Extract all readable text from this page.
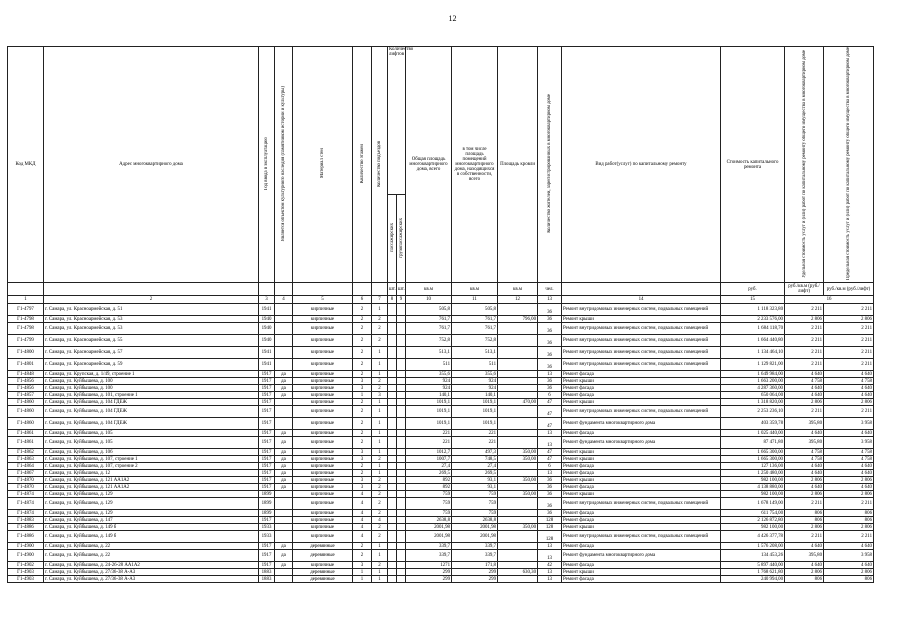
12
Код МКД	Адрес многоквартирного дома	Год ввода в эксплуатацию	Является объектом культурного наследия (памятником истории и культуры)	Материал стен	Количество этажей	Количество подъездов	Количество лифтов		Общая площадь многоквартирного дома, всего	в том числе площадь помещений многоквартирного дома, находящихся в собственности, всего	Площадь кровли	Количество жителей, зарегистрированных в многоквартирном доме	Вид работ(услуг) по капитальному ремонту	Стоимость капитального ремонта	Удельная стоимость услуг и (или) работ по капитальному ремонту общего имущества в многоквартирном доме	Предельная стоимость услуг и (или) работ по капитальному ремонту общего имущества в многоквартирном доме
							пассажирских	грузопассажирских								
							шт.	шт.	кв.м	кв.м	кв.м	чел.		руб.	руб./кв.м (руб./лифт)	руб./кв.м (руб./лифт)
1	2	3	4	5	6	7	8	9	10	11	12	13	14	15	16	
Г1-4797	г. Самара, ул. Красноармейская, д. 51	1941		кирпичные	2	1			505,8	505,8		36	Ремонт внутридомовых инженерных систем, подвальных помещений	1 118 323,80	2 211	2 211
Г1-4798	г. Самара, ул. Красноармейская, д. 53	1940		кирпичные	2	2			761,7	761,7	796,00	36	Ремонт крыши	2 233 576,00	2 806	2 806
Г1-4798	г. Самара, ул. Красноармейская, д. 53	1940		кирпичные	2	2			761,7	761,7		36	Ремонт внутридомовых инженерных систем, подвальных помещений	1 684 118,70	2 211	2 211
Г1-4799	г. Самара, ул. Красноармейская, д. 55	1940		кирпичные	2	2			752,8	752,8		36	Ремонт внутридомовых инженерных систем, подвальных помещений	1 664 440,80	2 211	2 211
Г1-4800	г. Самара, ул. Красноармейская, д. 57	1941		кирпичные	2	1			513,1	513,1		36	Ремонт внутридомовых инженерных систем, подвальных помещений	1 134 464,10	2 211	2 211
Г1-4801	г. Самара, ул. Красноармейская, д. 59	1941		кирпичные	2	1			511	511		36	Ремонт внутридомовых инженерных систем, подвальных помещений	1 129 821,00	2 211	2 211
Г1-4848	г. Самара, ул. Крупская, д. 1/49, строение 1	1917	да	кирпичные	2	1			355,6	355,6		13	Ремонт фасада	1 649 984,00	4 640	4 640
Г1-4856	г. Самара, ул. Куйбышева, д. 100	1917	да	кирпичные	3	2			924	924		36	Ремонт крыши	1 663 200,00	4 758	4 758
Г1-4856	г. Самара, ул. Куйбышева, д. 100	1917	да	кирпичные	3	2			924	924		36	Ремонт фасада	4 287 360,00	4 640	4 640
Г1-4857	г. Самара, ул. Куйбышева, д. 101, строение 1	1917	да	кирпичные	1	3			140,1	140,1		6	Ремонт фасада	650 064,00	4 640	4 640
Г1-4860	г. Самара, ул. Куйбышева, д. 104 ГДЕЖ	1917		кирпичные	2	1			1019,1	1019,1	470,00	47	Ремонт крыши	1 318 820,00	2 806	2 806
Г1-4860	г. Самара, ул. Куйбышева, д. 104 ГДЕЖ	1917		кирпичные	2	1			1019,1	1019,1		47	Ремонт внутридомовых инженерных систем, подвальных помещений	2 253 236,10	2 211	2 211
Г1-4860	г. Самара, ул. Куйбышева, д. 104 ГДЕЖ	1917		кирпичные	2	1			1019,1	1019,1		47	Ремонт фундамента многоквартирного дома	403 359,78	395,80	3 958
Г1-4861	г. Самара, ул. Куйбышева, д. 105	1917	да	кирпичные	2	1			221	221		13	Ремонт фасада	1 025 440,00	4 640	4 640
Г1-4861	г. Самара, ул. Куйбышева, д. 105	1917	да	кирпичные	2	1			221	221		13	Ремонт фундамента многоквартирного дома	87 471,80	395,80	3 958
Г1-4862	г. Самара, ул. Куйбышева, д. 106	1917	да	кирпичные	3	1			1012,7	497,3	350,00	47	Ремонт крыши	1 665 300,00	4 758	4 758
Г1-4863	г. Самара, ул. Куйбышева, д. 107, строение 1	1917	да	кирпичные	3	2			1007,7	748,5	350,00	47	Ремонт крыши	1 665 300,00	4 758	4 758
Г1-4864	г. Самара, ул. Куйбышева, д. 107, строение 2	1917	да	кирпичные	2	1			27,4	27,4		6	Ремонт фасада	127 136,00	4 640	4 640
Г1-4867	г. Самара, ул. Куйбышева, д. 12	1917	да	кирпичные	2	1			269,5	269,5		13	Ремонт фасада	1 250 480,00	4 640	4 640
Г1-4870	г. Самара, ул. Куйбышева, д. 121 АА1А2	1917	да	кирпичные	3	2			892	93,1	350,00	36	Ремонт крыши	982 100,00	2 806	2 806
Г1-4870	г. Самара, ул. Куйбышева, д. 121 АА1А2	1917	да	кирпичные	3	2			892	93,1		36	Ремонт фасада	4 138 880,00	4 640	4 640
Г1-4874	г. Самара, ул. Куйбышева, д. 129	1899		кирпичные	4	2			759	759	350,00	36	Ремонт крыши	982 100,00	2 806	2 806
Г1-4874	г. Самара, ул. Куйбышева, д. 129	1899		кирпичные	4	2			759	759		36	Ремонт внутридомовых инженерных систем, подвальных помещений	1 678 149,00	2 211	2 211
Г1-4874	г. Самара, ул. Куйбышева, д. 129	1899		кирпичные	4	2			759	759		36	Ремонт фасада	611 754,00	806	806
Г1-4883	г. Самара, ул. Куйбышева, д. 147	1917		кирпичные	4	4			2638,8	2638,8		128	Ремонт фасада	2 126 872,80	806	806
Г1-4886	г. Самара, ул. Куйбышева, д. 149 б	1933		кирпичные	4	2			2001,98	2001,98	350,00	128	Ремонт крыши	982 100,00	2 806	2 806
Г1-4886	г. Самара, ул. Куйбышева, д. 149 б	1933		кирпичные	4	2			2001,98	2001,98		128	Ремонт внутридомовых инженерных систем, подвальных помещений	4 426 377,78	2 211	2 211
Г1-4900	г. Самара, ул. Куйбышева, д. 22	1917	да	деревянные	2	1			339,7	339,7		13	Ремонт фасада	1 576 208,00	4 640	4 640
Г1-4900	г. Самара, ул. Куйбышева, д. 22	1917	да	деревянные	2	1			339,7	339,7		13	Ремонт фундамента многоквартирного дома	134 453,26	395,80	3 958
Г1-4902	г. Самара, ул. Куйбышева, д. 24-26-28 АА1А2	1917	да	кирпичные	3	2			1271	171,8		42	Ремонт фасада	5 897 440,00	4 640	4 640
Г1-4903	г. Самара, ул. Куйбышева, д. 27/36-38 А-А3	1883		деревянные	1	1			299	299	630,30	13	Ремонт крыши	1 768 621,80	2 806	2 806
Г1-4903	г. Самара, ул. Куйбышева, д. 27/36-38 А-А3	1883		деревянные	1	1			299	299		13	Ремонт фасада	240 994,00	806	806
